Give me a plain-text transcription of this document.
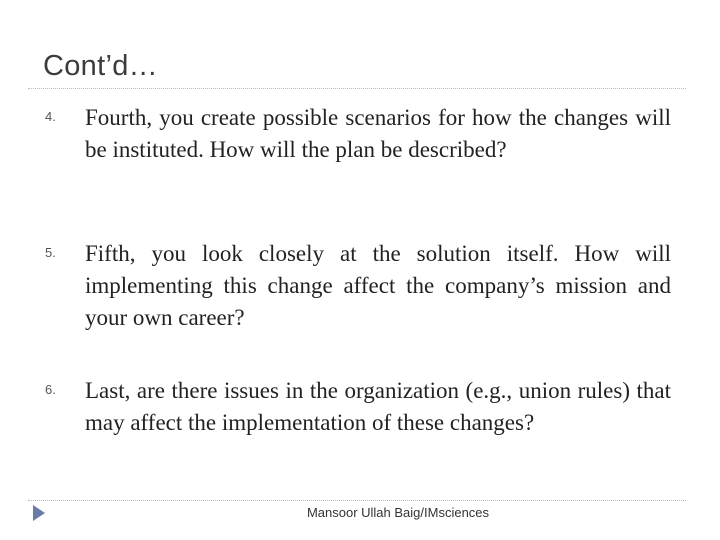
Cont’d…
4. Fourth, you create possible scenarios for how the changes will be instituted. How will the plan be described?
5. Fifth, you look closely at the solution itself. How will implementing this change affect the company’s mission and your own career?
6. Last, are there issues in the organization (e.g., union rules) that may affect the implementation of these changes?
Mansoor Ullah Baig/IMsciences
